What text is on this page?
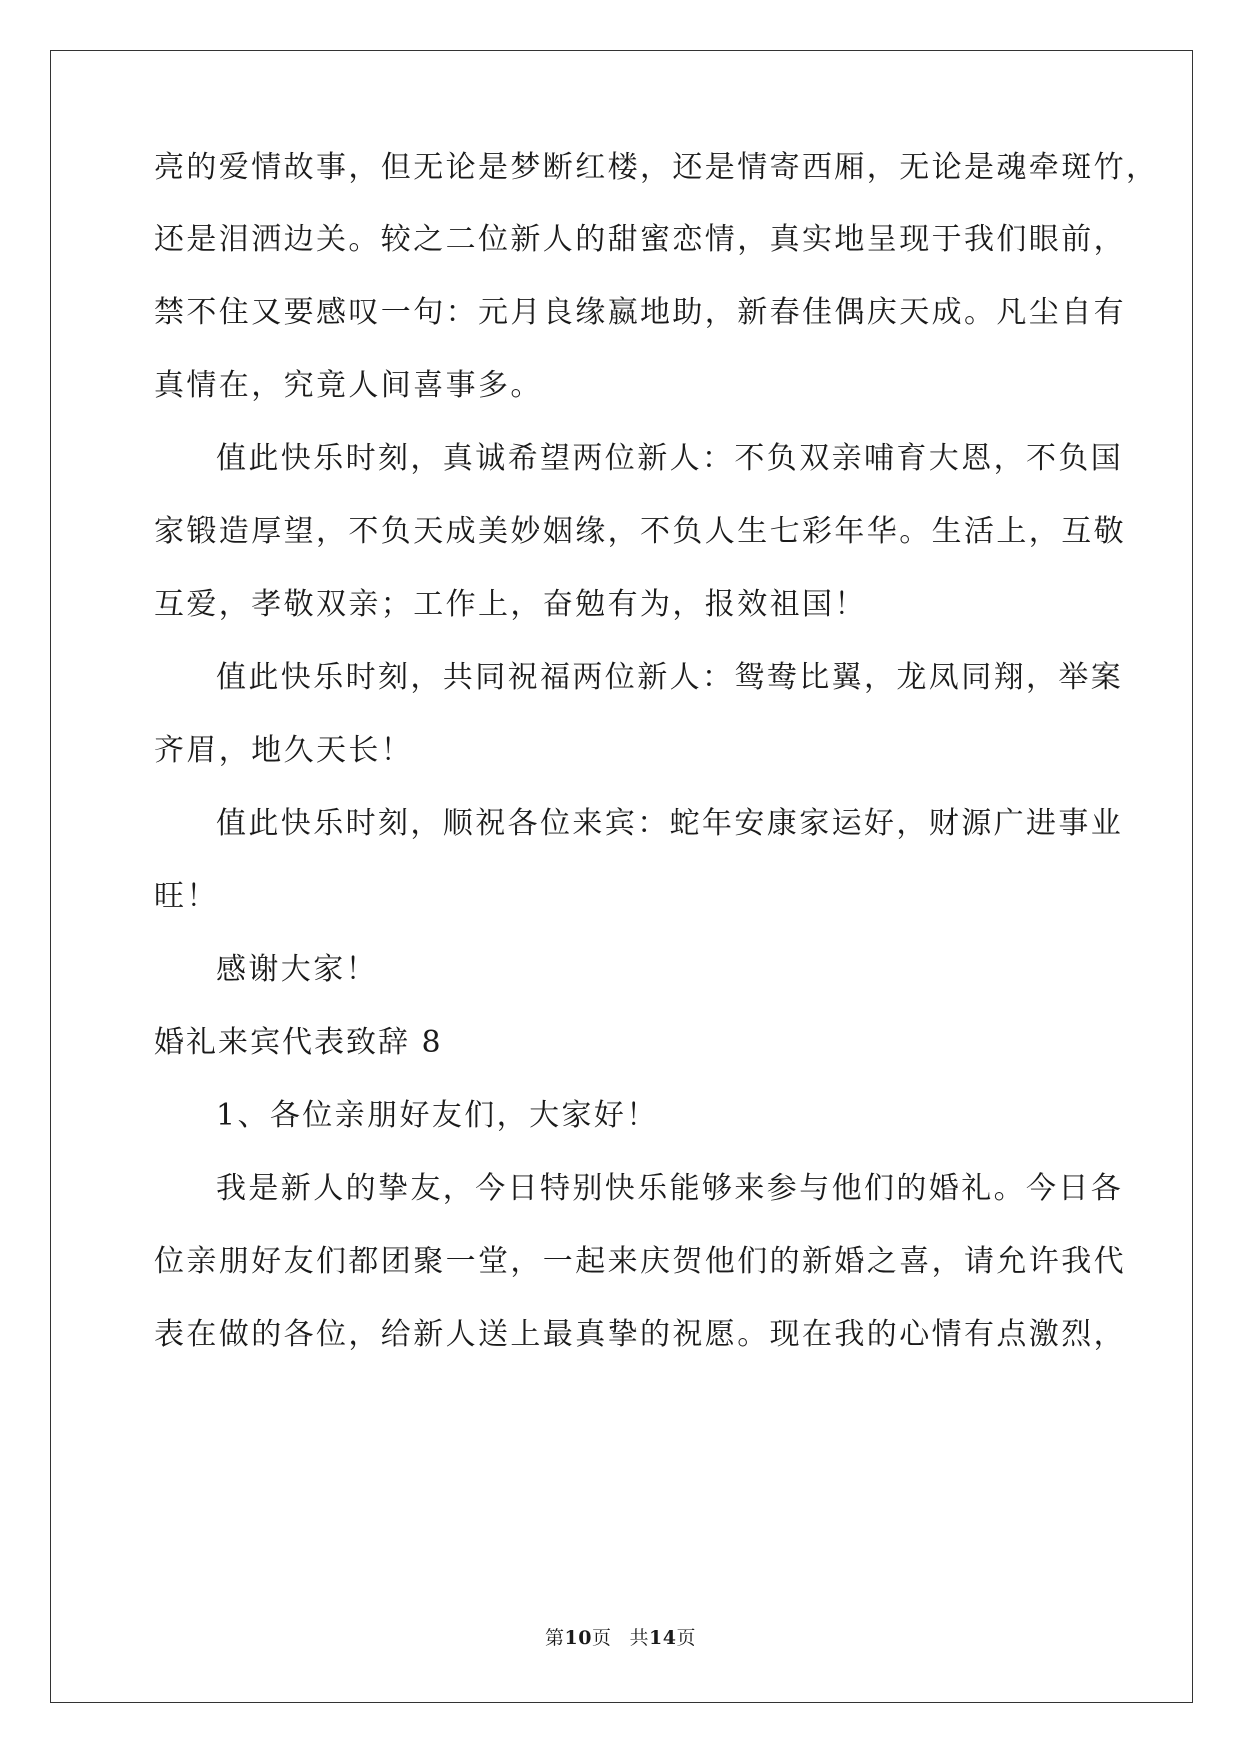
亮的爱情故事，但无论是梦断红楼，还是情寄西厢，无论是魂牵斑竹，
还是泪洒边关。较之二位新人的甜蜜恋情，真实地呈现于我们眼前，
禁不住又要感叹一句：元月良缘嬴地助，新春佳偶庆天成。凡尘自有
真情在，究竟人间喜事多。
值此快乐时刻，真诚希望两位新人：不负双亲哺育大恩，不负国
家锻造厚望，不负天成美妙姻缘，不负人生七彩年华。生活上，互敬
互爱，孝敬双亲；工作上，奋勉有为，报效祖国！
值此快乐时刻，共同祝福两位新人：鸳鸯比翼，龙凤同翔，举案
齐眉，地久天长！
值此快乐时刻，顺祝各位来宾：蛇年安康家运好，财源广进事业
旺！
感谢大家！
婚礼来宾代表致辞 8
1、各位亲朋好友们，大家好！
我是新人的挚友，今日特别快乐能够来参与他们的婚礼。今日各
位亲朋好友们都团聚一堂，一起来庆贺他们的新婚之喜，请允许我代
表在做的各位，给新人送上最真挚的祝愿。现在我的心情有点激烈，
第10页 共14页
